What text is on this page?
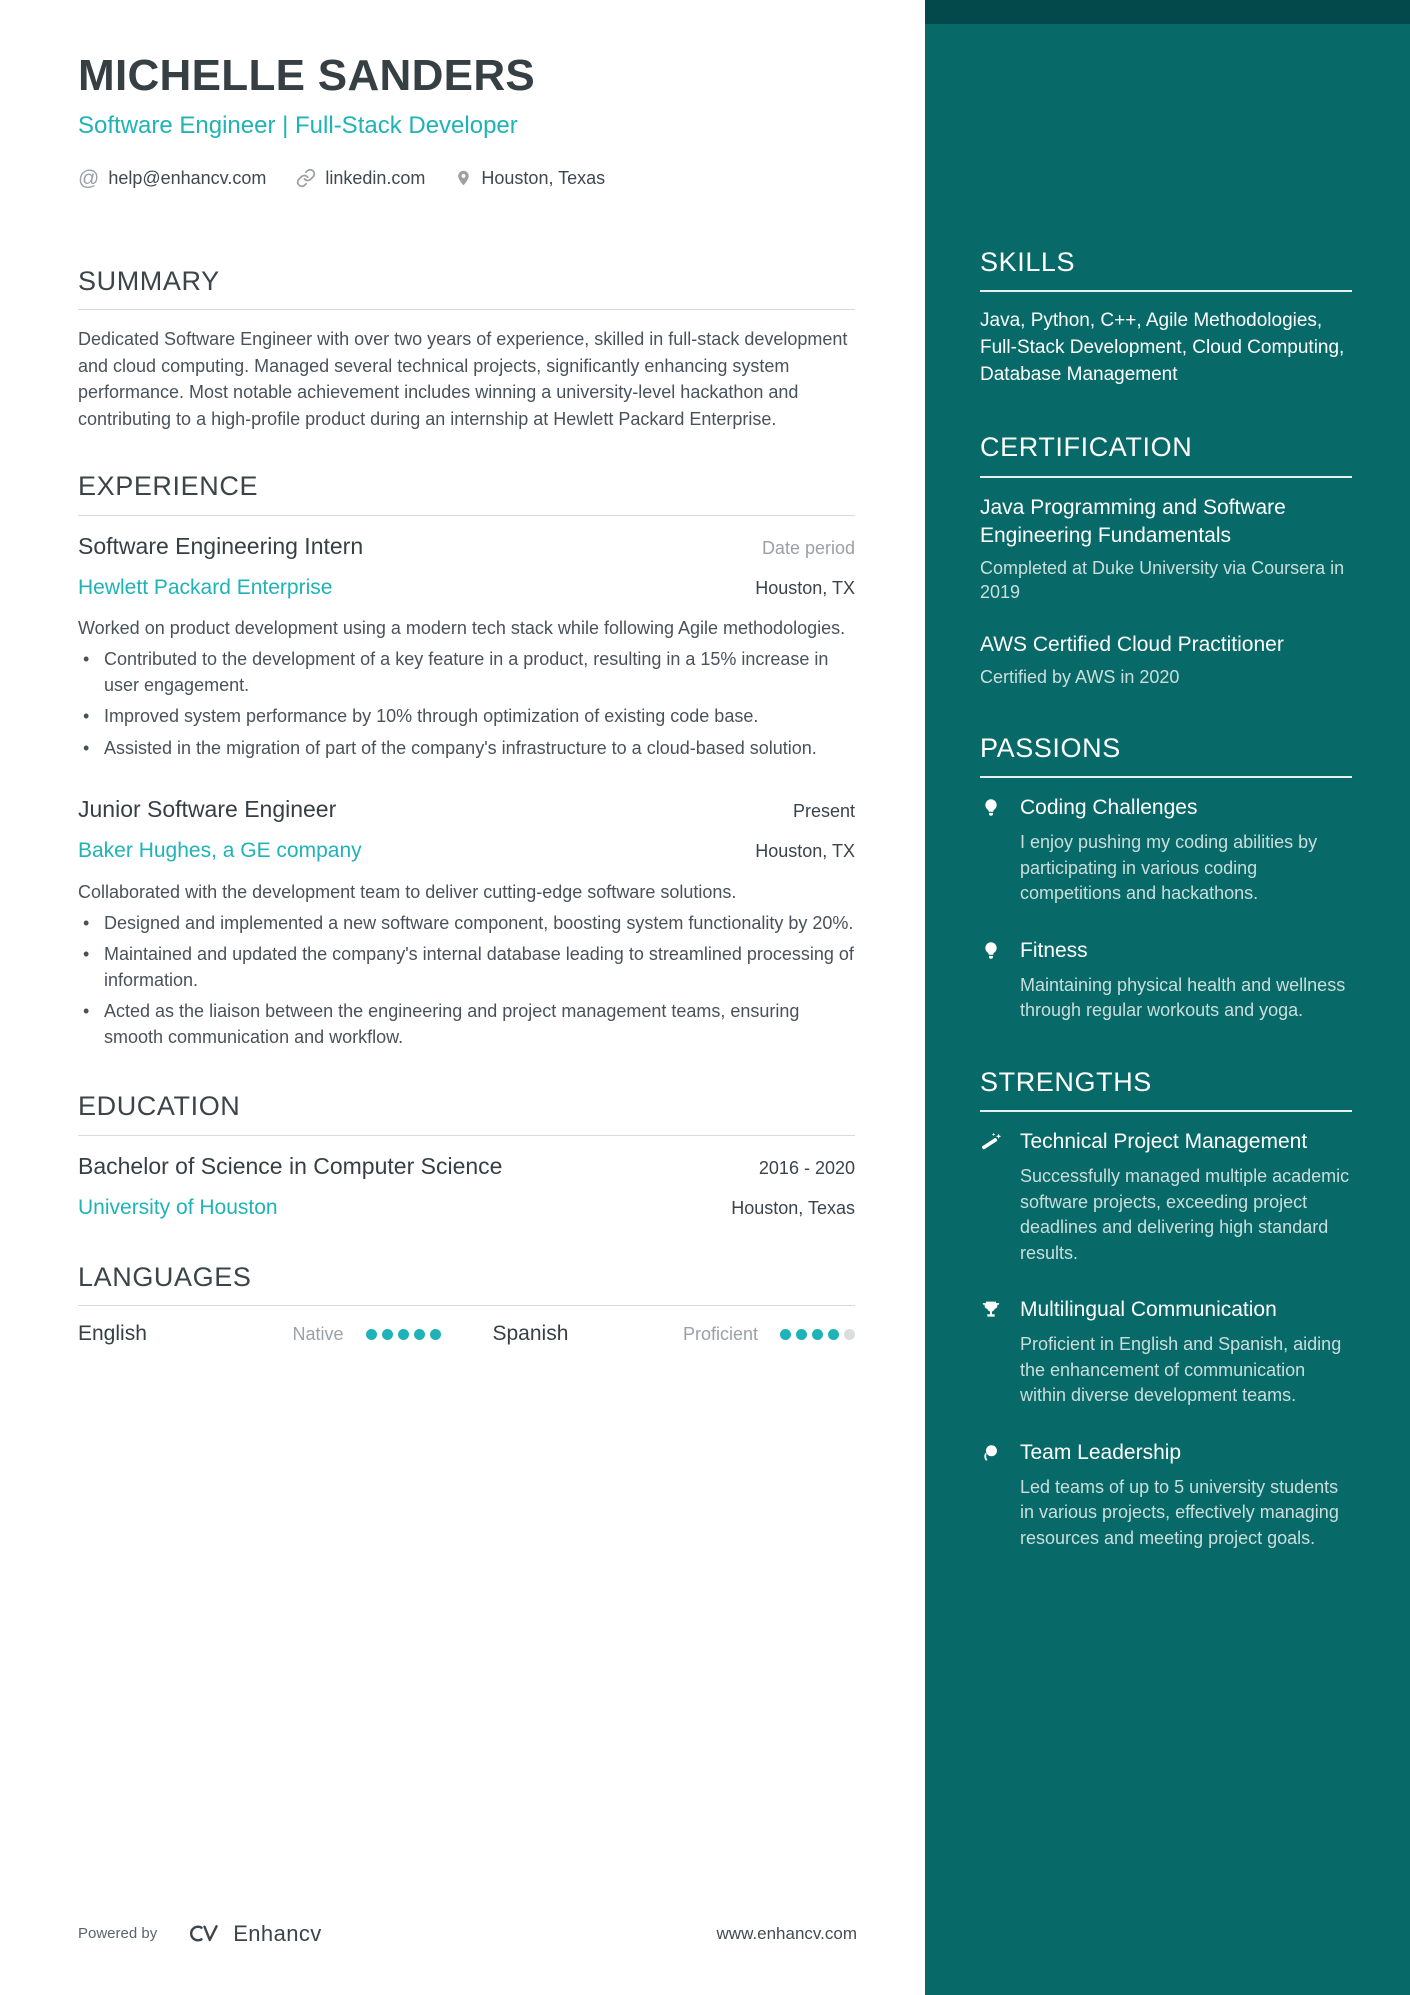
SKILLS

Java, Python, C++, Agile Methodologies, Full-Stack Development, Cloud Computing, Database Management

CERTIFICATION
Java Programming and Software Engineering Fundamentals
Completed at Duke University via Coursera in 2019
AWS Certified Cloud Practitioner
Certified by AWS in 2020
PASSIONS
Coding Challenges

I enjoy pushing my coding abilities by participating in various coding competitions and hackathons.

Fitness

Maintaining physical health and wellness through regular workouts and yoga.

STRENGTHS
Technical Project Management

Successfully managed multiple academic software projects, exceeding project deadlines and delivering high standard results.

Multilingual Communication

Proficient in English and Spanish, aiding the enhancement of communication within diverse development teams.

Team Leadership

Led teams of up to 5 university students in various projects, effectively managing resources and meeting project goals.

MICHELLE SANDERS
Software Engineer | Full-Stack Developer
@ help@enhancv.com	linkedin.com	Houston, Texas
SUMMARY

Dedicated Software Engineer with over two years of experience, skilled in full-stack development and cloud computing. Managed several technical projects, significantly enhancing system performance. Most notable achievement includes winning a university-level hackathon and contributing to a high-profile product during an internship at Hewlett Packard Enterprise.

EXPERIENCE
Software Engineering Intern	Date period
Hewlett Packard Enterprise	Houston, TX

Worked on product development using a modern tech stack while following Agile methodologies.

• Contributed to the development of a key feature in a product, resulting in a 15% increase in user engagement.
• Improved system performance by 10% through optimization of existing code base.
• Assisted in the migration of part of the company's infrastructure to a cloud-based solution.
Junior Software Engineer	Present
Baker Hughes, a GE company	Houston, TX

Collaborated with the development team to deliver cutting-edge software solutions.

• Designed and implemented a new software component, boosting system functionality by 20%.
• Maintained and updated the company's internal database leading to streamlined processing of information.
• Acted as the liaison between the engineering and project management teams, ensuring smooth communication and workflow.
EDUCATION
Bachelor of Science in Computer Science	2016 - 2020
University of Houston	Houston, Texas
LANGUAGES
English	Native	Spanish	Proficient
Powered by	Enhancv	www.enhancv.com
